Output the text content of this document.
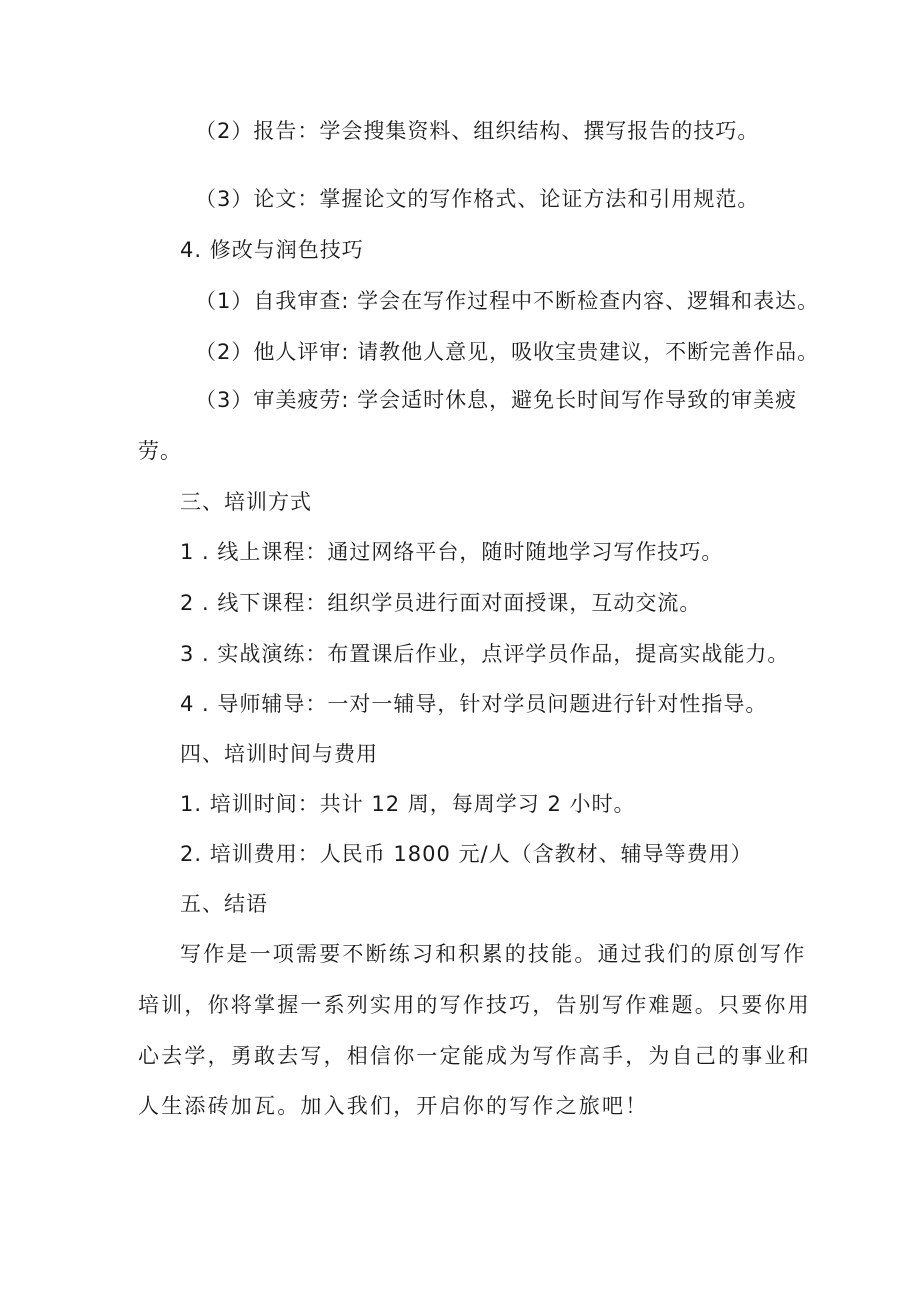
（2）报告：学会搜集资料、组织结构、撰写报告的技巧。
（3）论文：掌握论文的写作格式、论证方法和引用规范。
4. 修改与润色技巧
（1）自我审查: 学会在写作过程中不断检查内容、逻辑和表达。
（2）他人评审: 请教他人意见，吸收宝贵建议，不断完善作品。
（3）审美疲劳: 学会适时休息，避免长时间写作导致的审美疲
劳。
三、培训方式
1 . 线上课程：通过网络平台，随时随地学习写作技巧。
2 . 线下课程：组织学员进行面对面授课，互动交流。
3 . 实战演练：布置课后作业，点评学员作品，提高实战能力。
4 . 导师辅导：一对一辅导，针对学员问题进行针对性指导。
四、培训时间与费用
1. 培训时间：共计 12 周，每周学习 2 小时。
2. 培训费用：人民币 1800 元/人（含教材、辅导等费用）
五、结语
写作是一项需要不断练习和积累的技能。通过我们的原创写作
培训，你将掌握一系列实用的写作技巧，告别写作难题。只要你用
心去学，勇敢去写，相信你一定能成为写作高手，为自己的事业和
人生添砖加瓦。加入我们，开启你的写作之旅吧！
